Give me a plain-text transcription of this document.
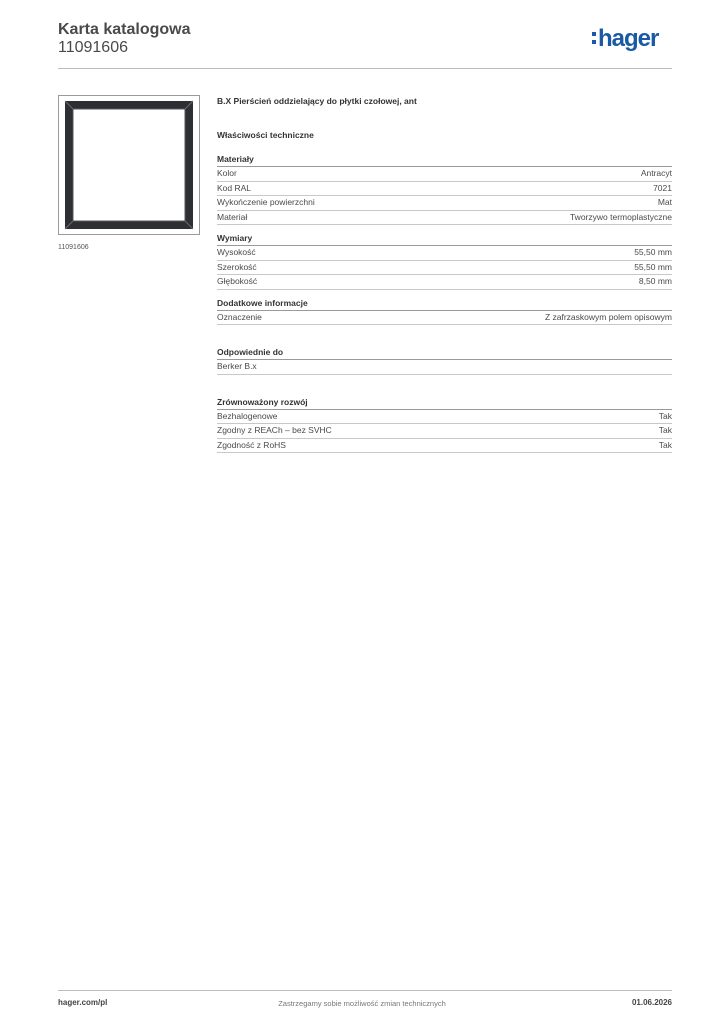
Karta katalogowa
11091606	hager
11091606
B.X Pierścień oddzielający do płytki czołowej, ant
Właściwości techniczne
Materiały
Kolor	Antracyt
Kod RAL	7021
Wykończenie powierzchni	Mat
Materiał	Tworzywo termoplastyczne
Wymiary
Wysokość	55,50 mm
Szerokość	55,50 mm
Głębokość	8,50 mm
Dodatkowe informacje
Oznaczenie	Z zafrzaskowym polem opisowym
Odpowiednie do
Berker B.x
Zrównoważony rozwój
Bezhalogenowe	Tak
Zgodny z REACh – bez SVHC	Tak
Zgodność z RoHS	Tak
hager.com/pl	Zastrzegamy sobie możliwość zmian technicznych	01.06.2026
